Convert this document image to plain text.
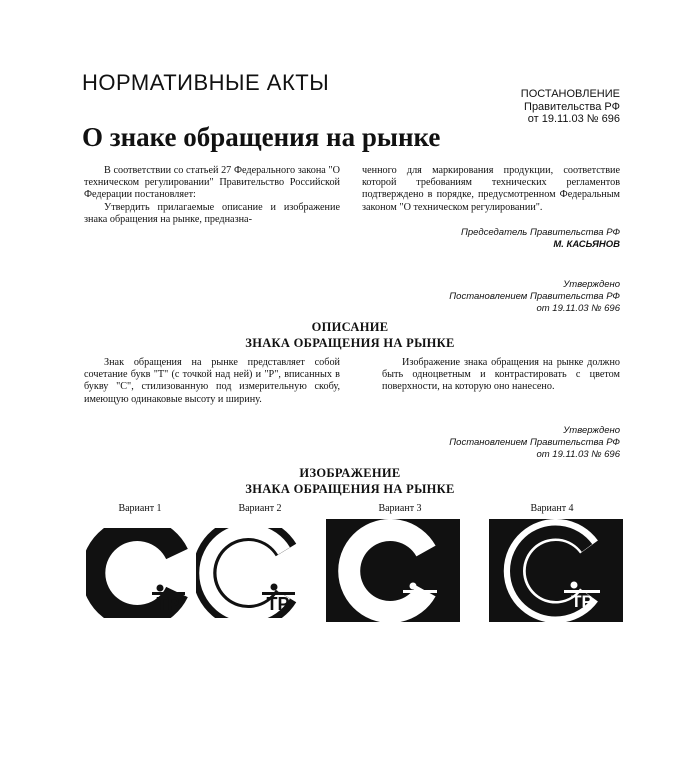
НОРМАТИВНЫЕ АКТЫ	ПОСТАНОВЛЕНИЕ
Правительства РФ
от 19.11.03 № 696
О знаке обращения на рынке

В соответствии со статьей 27 Федерального закона "О техническом регулировании" Правительство Российской Федерации постановляет:

Утвердить прилагаемые описание и изображение знака обращения на рынке, предназна-

ченного для маркирования продукции, соответствие которой требованиям технических регламентов подтверждено в порядке, предусмотренном Федеральным законом "О техническом регулировании".

Председатель Правительства РФ
М. КАСЬЯНОВ
Утверждено
Постановлением Правительства РФ
от 19.11.03 № 696
ОПИСАНИЕ
ЗНАКА ОБРАЩЕНИЯ НА РЫНКЕ

Знак обращения на рынке представляет собой сочетание букв "Т" (с точкой над ней) и "Р", вписанных в букву "С", стилизованную под измерительную скобу, имеющую одинаковые высоту и ширину.

Изображение знака обращения на рынке должно быть одноцветным и контрастировать с цветом поверхности, на которую оно нанесено.

Утверждено
Постановлением Правительства РФ
от 19.11.03 № 696
ИЗОБРАЖЕНИЕ
ЗНАКА ОБРАЩЕНИЯ НА РЫНКЕ
Вариант 1	Вариант 2	Вариант 3	Вариант 4
ТР	ТР	ТР	ТР
